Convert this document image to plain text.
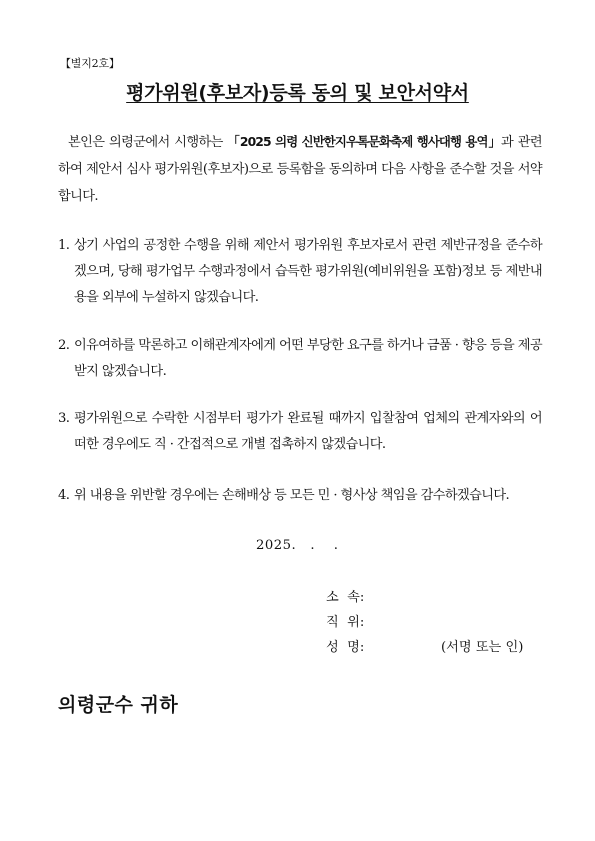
【별지2호】
평가위원(후보자)등록 동의 및 보안서약서
본인은 의령군에서 시행하는 「2025 의령 신반한지우톡문화축제 행사대행 용역」과 관련하여 제안서 심사 평가위원(후보자)으로 등록함을 동의하며 다음 사항을 준수할 것을 서약합니다.
1. 상기 사업의 공정한 수행을 위해 제안서 평가위원 후보자로서 관련 제반규정을 준수하겠으며, 당해 평가업무 수행과정에서 습득한 평가위원(예비위원을 포함)정보 등 제반내용을 외부에 누설하지 않겠습니다.
2. 이유여하를 막론하고 이해관계자에게 어떤 부당한 요구를 하거나 금품 · 향응 등을 제공받지 않겠습니다.
3. 평가위원으로 수락한 시점부터 평가가 완료될 때까지 입찰참여 업체의 관계자와의 어떠한 경우에도 직 · 간접적으로 개별 접촉하지 않겠습니다.
4. 위 내용을 위반할 경우에는 손해배상 등 모든 민 · 형사상 책임을 감수하겠습니다.
2025.   .    .
소  속:
직  위:
성  명:	(서명 또는 인)
의령군수 귀하
